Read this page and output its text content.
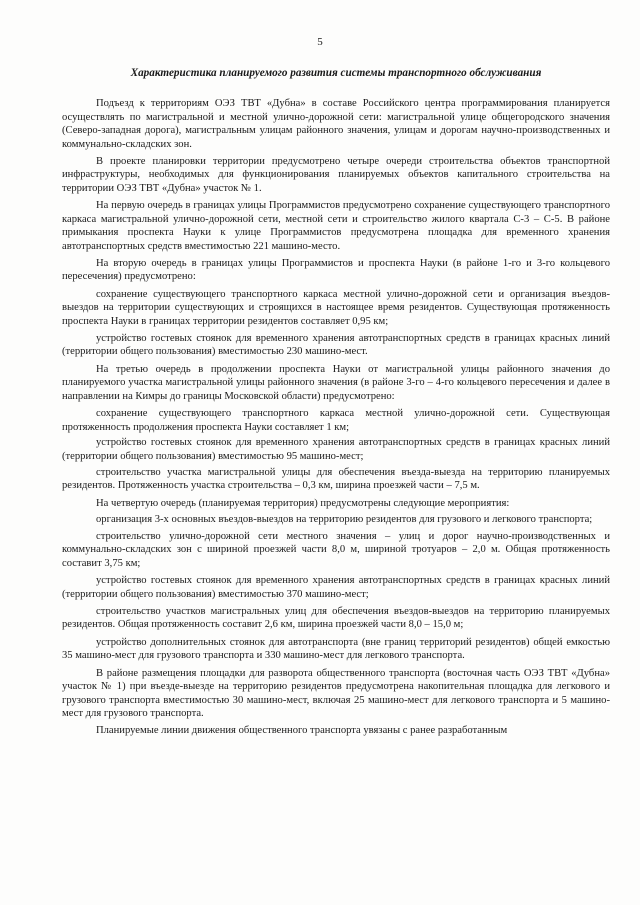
5
Характеристика планируемого развития системы транспортного обслуживания

Подъезд к территориям ОЭЗ ТВТ «Дубна» в составе Российского центра программирования планируется осуществлять по магистральной и местной улично-дорожной сети: магистральной улице общегородского значения (Северо-западная дорога), магистральным улицам районного значения, улицам и дорогам научно-производственных и коммунально-складских зон.

В проекте планировки территории предусмотрено четыре очереди строительства объектов транспортной инфраструктуры, необходимых для функционирования планируемых объектов капитального строительства на территории ОЭЗ ТВТ «Дубна» участок № 1.

На первую очередь в границах улицы Программистов предусмотрено сохранение существующего транспортного каркаса магистральной улично-дорожной сети, местной сети и строительство жилого квартала С-3 – С-5. В районе примыкания проспекта Науки к улице Программистов предусмотрена площадка для временного хранения автотранспортных средств вместимостью 221 машино-место.

На вторую очередь в границах улицы Программистов и проспекта Науки (в районе 1-го и 3-го кольцевого пересечения) предусмотрено:

сохранение существующего транспортного каркаса местной улично-дорожной сети и организация въездов-выездов на территории существующих и строящихся в настоящее время резидентов. Существующая протяженность проспекта Науки в границах территории резидентов составляет 0,95 км;

устройство гостевых стоянок для временного хранения автотранспортных средств в границах красных линий (территории общего пользования) вместимостью 230 машино-мест.

На третью очередь в продолжении проспекта Науки от магистральной улицы районного значения до планируемого участка магистральной улицы районного значения (в районе 3-го – 4-го кольцевого пересечения и далее в направлении на Кимры до границы Московской области) предусмотрено:

сохранение существующего транспортного каркаса местной улично-дорожной сети. Существующая протяженность продолжения проспекта Науки составляет 1 км;

устройство гостевых стоянок для временного хранения автотранспортных средств в границах красных линий (территории общего пользования) вместимостью 95 машино-мест;

строительство участка магистральной улицы для обеспечения въезда-выезда на территорию планируемых резидентов. Протяженность участка строительства – 0,3 км, ширина проезжей части – 7,5 м.

На четвертую очередь (планируемая территория) предусмотрены следующие мероприятия:

организация 3-х основных въездов-выездов на территорию резидентов для грузового и легкового транспорта;

строительство улично-дорожной сети местного значения – улиц и дорог научно-производственных и коммунально-складских зон с шириной проезжей части 8,0 м, шириной тротуаров – 2,0 м. Общая протяженность составит 3,75 км;

устройство гостевых стоянок для временного хранения автотранспортных средств в границах красных линий (территории общего пользования) вместимостью 370 машино-мест;

строительство участков магистральных улиц для обеспечения въездов-выездов на территорию планируемых резидентов. Общая протяженность составит 2,6 км, ширина проезжей части 8,0 – 15,0 м;

устройство дополнительных стоянок для автотранспорта (вне границ территорий резидентов) общей емкостью 35 машино-мест для грузового транспорта и 330 машино-мест для легкового транспорта.

В районе размещения площадки для разворота общественного транспорта (восточная часть ОЭЗ ТВТ «Дубна» участок № 1) при въезде-выезде на территорию резидентов предусмотрена накопительная площадка для легкового и грузового транспорта вместимостью 30 машино-мест, включая 25 машино-мест для легкового транспорта и 5 машино-мест для грузового транспорта.

Планируемые линии движения общественного транспорта увязаны с ранее разработанным
